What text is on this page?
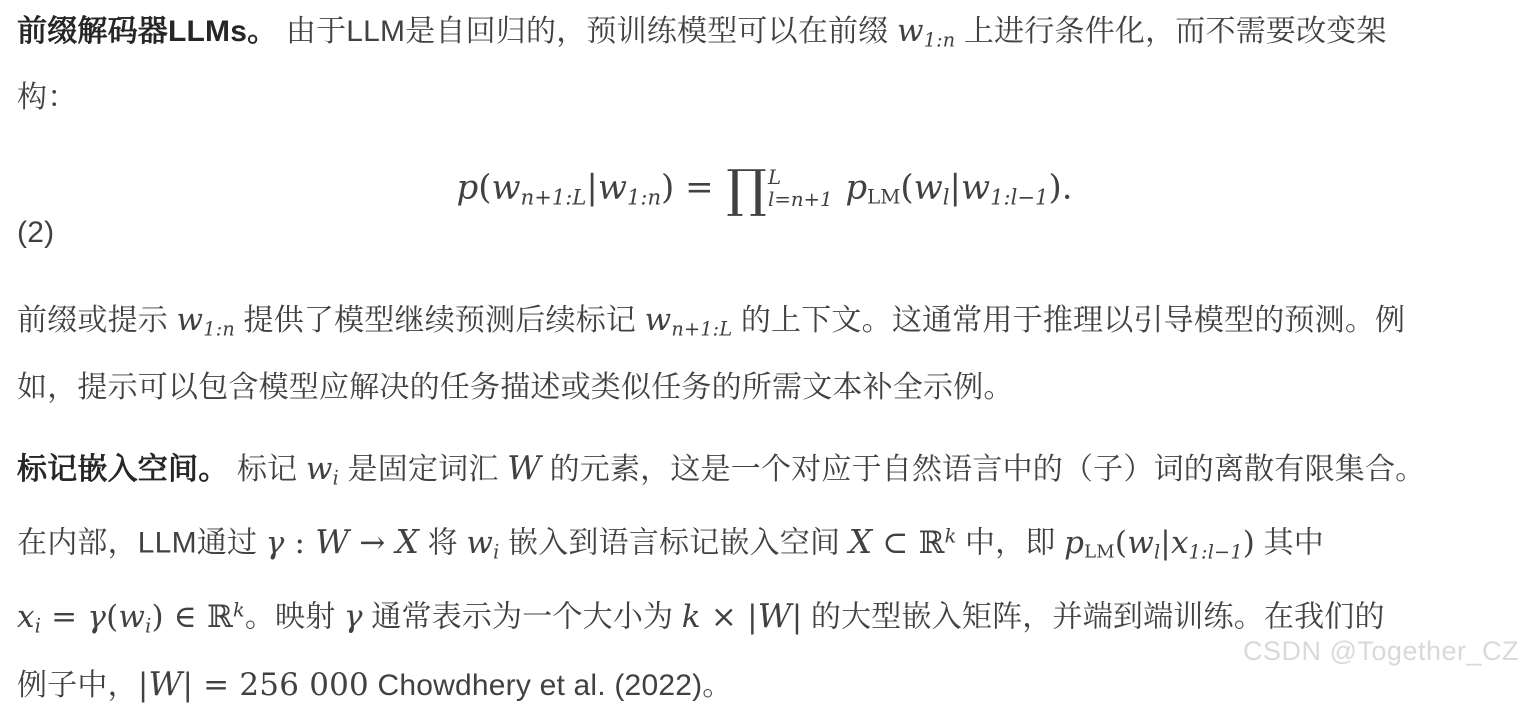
前缀解码器LLMs。 由于LLM是自回归的，预训练模型可以在前缀 w1:n 上进行条件化，而不需要改变架
构：
p(wn+1:L|w1:n) = ∏ L
l=n+1 pLM(wl|w1:l−1).
(2)
前缀或提示 w1:n 提供了模型继续预测后续标记 wn+1:L 的上下文。这通常用于推理以引导模型的预测。例
如，提示可以包含模型应解决的任务描述或类似任务的所需文本补全示例。
标记嵌入空间。 标记 wi 是固定词汇 W 的元素，这是一个对应于自然语言中的（子）词的离散有限集合。
在内部，LLM通过 γ : W → X 将 wi 嵌入到语言标记嵌入空间 X ⊂ ℝ$^k$ 中，即 pLM(wl|x1:l−1) 其中
xi = γ(wi) ∈ ℝ$^k$。映射 γ 通常表示为一个大小为 k × |W| 的大型嵌入矩阵，并端到端训练。在我们的
例子中，|W| = 256 000 Chowdhery et al. (2022)。
CSDN @Together_CZ
